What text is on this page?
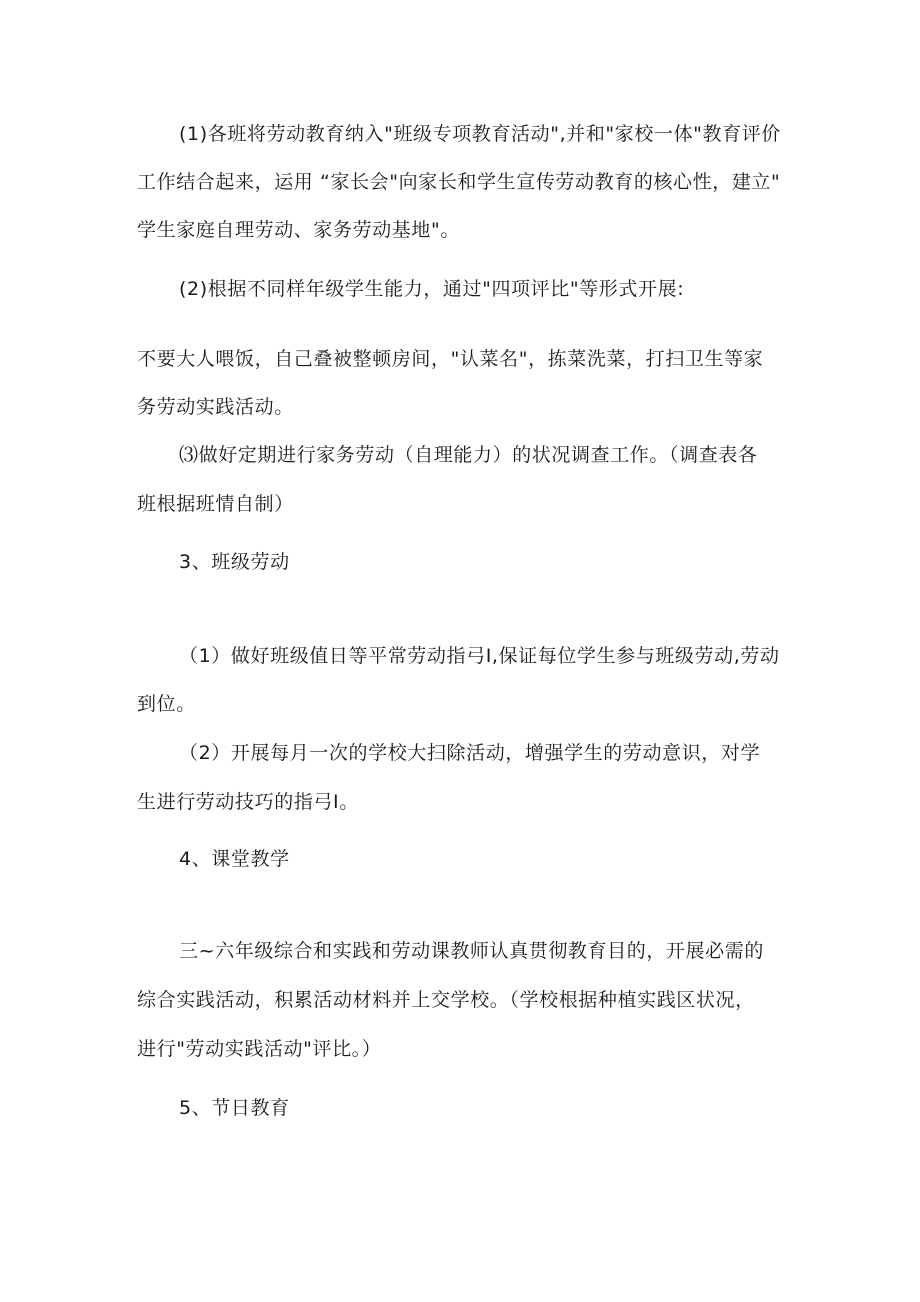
(1)各班将劳动教育纳入"班级专项教育活动",并和"家校一体"教育评价
工作结合起来，运用 “家长会"向家长和学生宣传劳动教育的核心性，建立"
学生家庭自理劳动、家务劳动基地"。
(2)根据不同样年级学生能力，通过"四项评比"等形式开展:
不要大人喂饭，自己叠被整顿房间，"认菜名"，拣菜洗菜，打扫卫生等家
务劳动实践活动。
⑶做好定期进行家务劳动（自理能力）的状况调查工作。（调查表各
班根据班情自制）
3、班级劳动
（1）做好班级值日等平常劳动指弓I,保证每位学生参与班级劳动,劳动
到位。
（2）开展每月一次的学校大扫除活动，增强学生的劳动意识，对学
生进行劳动技巧的指弓I。
4、课堂教学
三~六年级综合和实践和劳动课教师认真贯彻教育目的，开展必需的
综合实践活动，积累活动材料并上交学校。（学校根据种植实践区状况，
进行"劳动实践活动"评比。）
5、节日教育
